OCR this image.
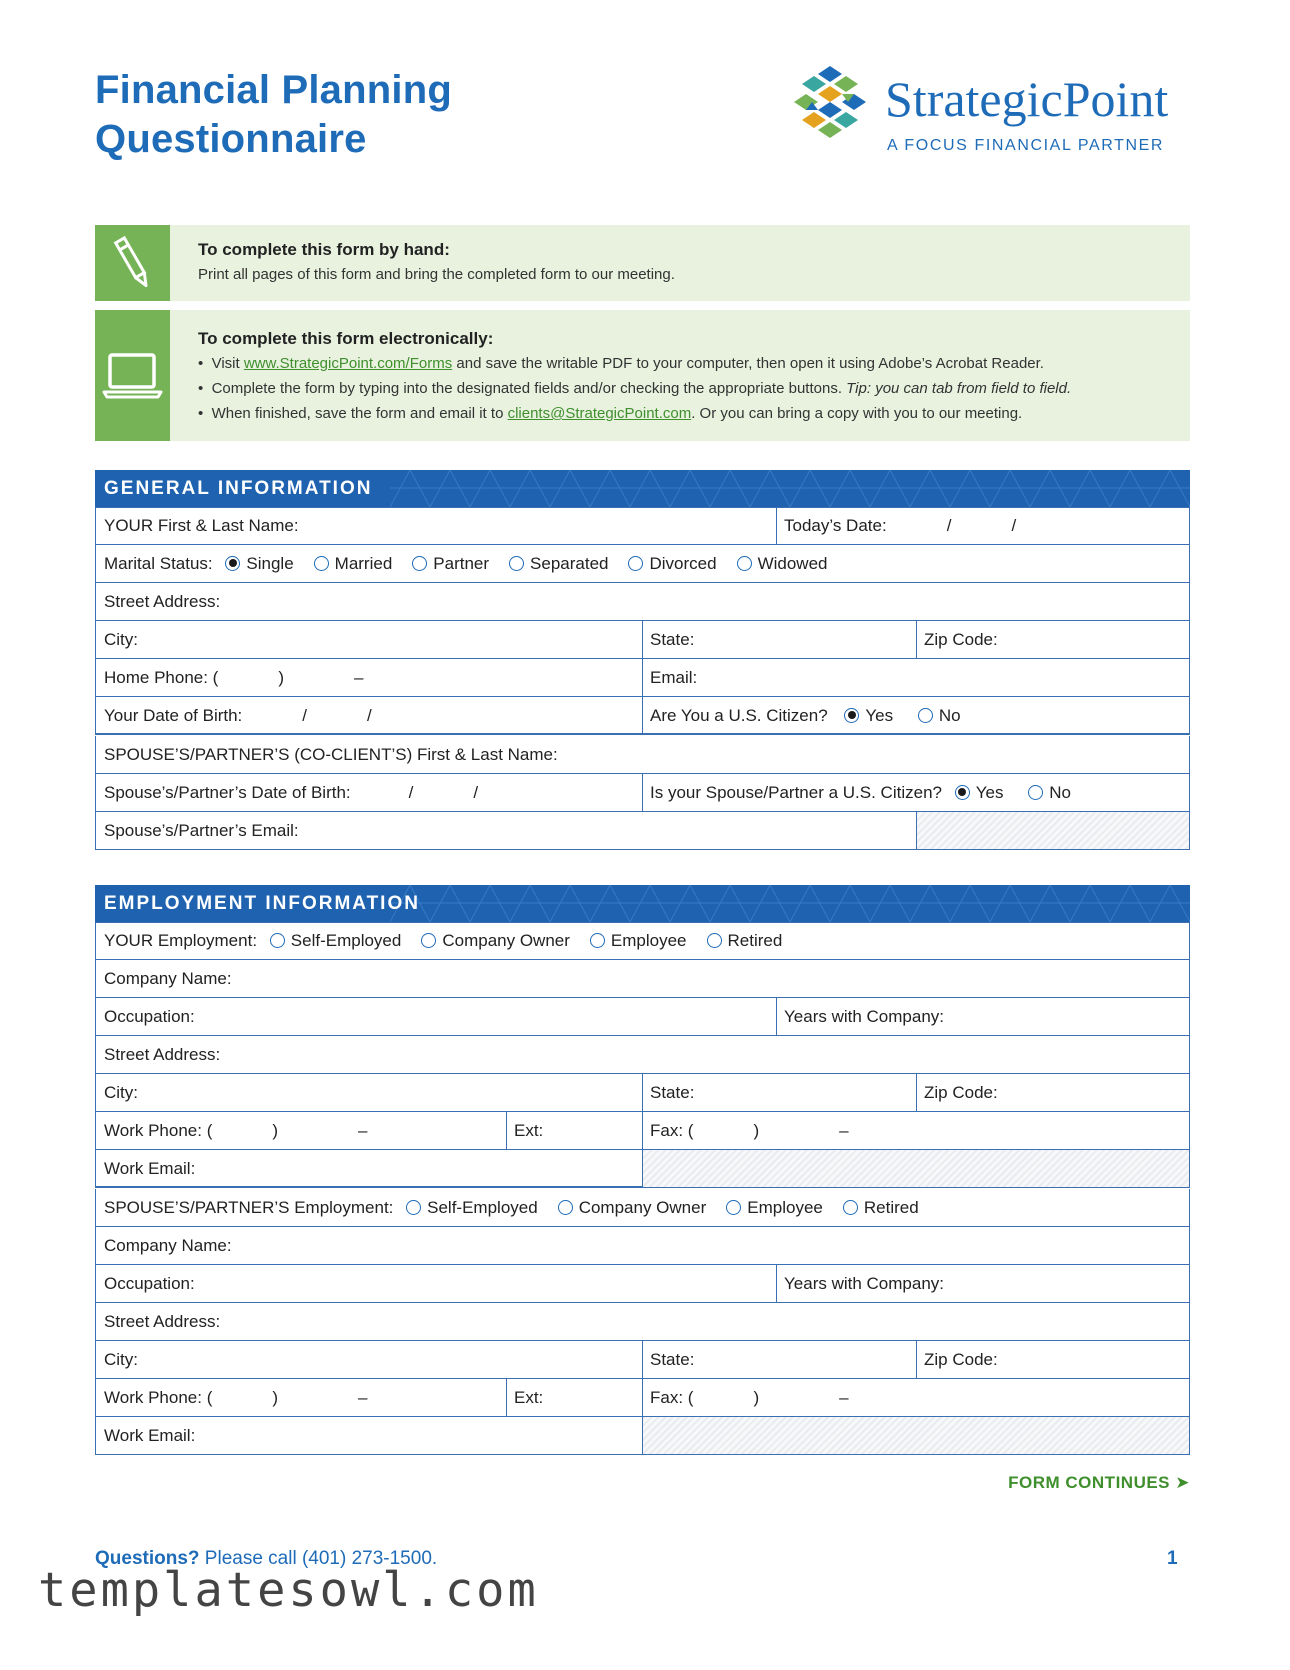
Financial Planning
Questionnaire
StrategicPoint
A FOCUS FINANCIAL PARTNER
To complete this form by hand:
Print all pages of this form and bring the completed form to our meeting.
To complete this form electronically:
•  Visit www.StrategicPoint.com/Forms and save the writable PDF to your computer, then open it using Adobe’s Acrobat Reader.
•  Complete the form by typing into the designated fields and/or checking the appropriate buttons. Tip: you can tab from field to field.
•  When finished, save the form and email it to clients@StrategicPoint.com. Or you can bring a copy with you to our meeting.
GENERAL INFORMATION
YOUR First & Last Name:	Today’s Date:	/	/
Marital Status: Single Married Partner Separated Divorced Widowed
Street Address:
City:	State:	Zip Code:
Home Phone: (	)	–	Email:
Your Date of Birth:	/	/	Are You a U.S. Citizen? Yes	No
SPOUSE’S/PARTNER’S (CO-CLIENT’S) First & Last Name:
Spouse’s/Partner’s Date of Birth:	/	/	Is your Spouse/Partner a U.S. Citizen? Yes	No
Spouse’s/Partner’s Email:
EMPLOYMENT INFORMATION
YOUR Employment: Self-Employed Company Owner Employee Retired
Company Name:
Occupation:	Years with Company:
Street Address:
City:	State:	Zip Code:
Work Phone: (	)	–	Ext:	Fax: (	)	–
Work Email:
SPOUSE’S/PARTNER’S Employment: Self-Employed Company Owner Employee Retired
Company Name:
Occupation:	Years with Company:
Street Address:
City:	State:	Zip Code:
Work Phone: (	)	–	Ext:	Fax: (	)	–
Work Email:
FORM CONTINUES ➤
Questions? Please call (401) 273-1500.	1
templatesowl.com
